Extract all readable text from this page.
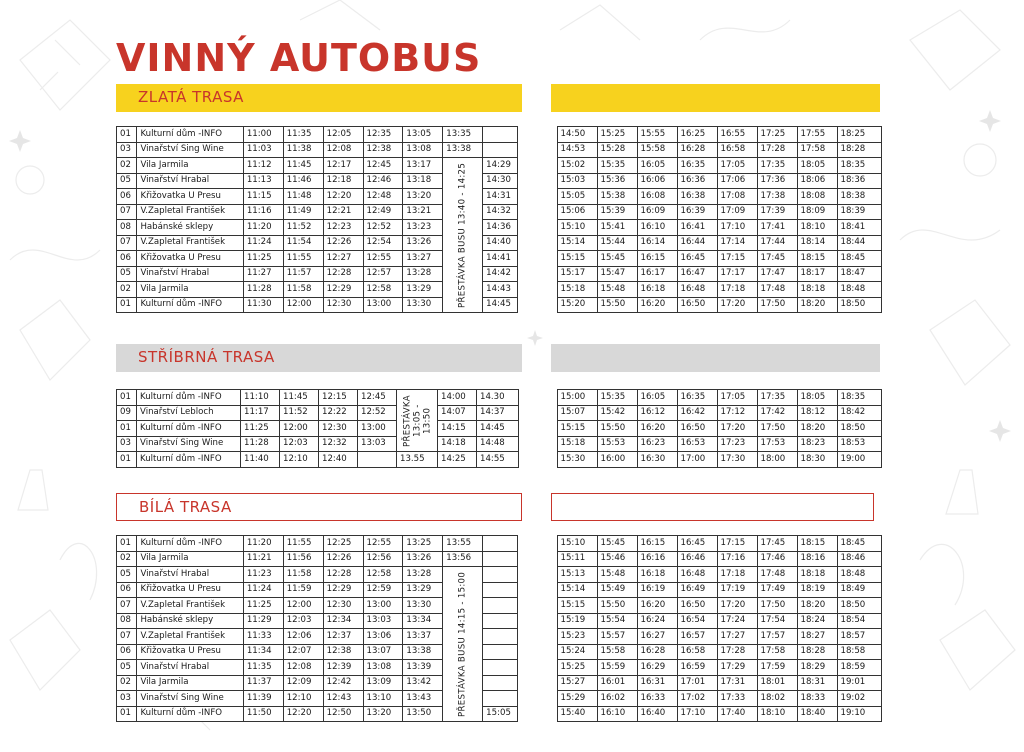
VINNÝ AUTOBUS
ZLATÁ TRASA
01	Kulturní dům -INFO	11:00	11:35	12:05	12:35	13:05	13:35	
03	Vinařství Sing Wine	11:03	11:38	12:08	12:38	13:08	13:38	
02	Vila Jarmila	11:12	11:45	12:17	12:45	13:17	PŘESTÁVKA BUSU 13:40 - 14:25	14:29
05	Vinařství Hrabal	11:13	11:46	12:18	12:46	13:18		14:30
06	Křižovatka U Presu	11:15	11:48	12:20	12:48	13:20		14:31
07	V.Zapletal František	11:16	11:49	12:21	12:49	13:21		14:32
08	Habánské sklepy	11:20	11:52	12:23	12:52	13:23		14:36
07	V.Zapletal František	11:24	11:54	12:26	12:54	13:26		14:40
06	Křižovatka U Presu	11:25	11:55	12:27	12:55	13:27		14:41
05	Vinařství Hrabal	11:27	11:57	12:28	12:57	13:28		14:42
02	Vila Jarmila	11:28	11:58	12:29	12:58	13:29		14:43
01	Kulturní dům -INFO	11:30	12:00	12:30	13:00	13:30		14:45
	14:50	15:25	15:55	16:25	16:55	17:25	17:55	18:25
	14:53	15:28	15:58	16:28	16:58	17:28	17:58	18:28
	15:02	15:35	16:05	16:35	17:05	17:35	18:05	18:35
	15:03	15:36	16:06	16:36	17:06	17:36	18:06	18:36
	15:05	15:38	16:08	16:38	17:08	17:38	18:08	18:38
	15:06	15:39	16:09	16:39	17:09	17:39	18:09	18:39
	15:10	15:41	16:10	16:41	17:10	17:41	18:10	18:41
	15:14	15:44	16:14	16:44	17:14	17:44	18:14	18:44
	15:15	15:45	16:15	16:45	17:15	17:45	18:15	18:45
	15:17	15:47	16:17	16:47	17:17	17:47	18:17	18:47
	15:18	15:48	16:18	16:48	17:18	17:48	18:18	18:48
	15:20	15:50	16:20	16:50	17:20	17:50	18:20	18:50
STŘÍBRNÁ TRASA
01	Kulturní dům -INFO	11:10	11:45	12:15	12:45	PŘESTÁVKA 13:05 - 13:50	14:00	14.30
09	Vinařství Lebloch	11:17	11:52	12:22	12:52		14:07	14:37
01	Kulturní dům -INFO	11:25	12:00	12:30	13:00		14:15	14:45
03	Vinařství Sing Wine	11:28	12:03	12:32	13:03		14:18	14:48
01	Kulturní dům -INFO	11:40	12:10	12:40		13.55	14:25	14:55
	15:00	15:35	16:05	16:35	17:05	17:35	18:05	18:35
	15:07	15:42	16:12	16:42	17:12	17:42	18:12	18:42
	15:15	15:50	16:20	16:50	17:20	17:50	18:20	18:50
	15:18	15:53	16:23	16:53	17:23	17:53	18:23	18:53
	15:30	16:00	16:30	17:00	17:30	18:00	18:30	19:00
BÍLÁ TRASA
01	Kulturní dům -INFO	11:20	11:55	12:25	12:55	13:25	13:55	
02	Vila Jarmila	11:21	11:56	12:26	12:56	13:26	13:56	
05	Vinařství Hrabal	11:23	11:58	12:28	12:58	13:28	PŘESTÁVKA BUSU 14:15 - 15:00	
06	Křižovatka U Presu	11:24	11:59	12:29	12:59	13:29		
07	V.Zapletal František	11:25	12:00	12:30	13:00	13:30		
08	Habánské sklepy	11:29	12:03	12:34	13:03	13:34		
07	V.Zapletal František	11:33	12:06	12:37	13:06	13:37		
06	Křižovatka U Presu	11:34	12:07	12:38	13:07	13:38		
05	Vinařství Hrabal	11:35	12:08	12:39	13:08	13:39		
02	Vila Jarmila	11:37	12:09	12:42	13:09	13:42		
03	Vinařství Sing Wine	11:39	12:10	12:43	13:10	13:43		
01	Kulturní dům -INFO	11:50	12:20	12:50	13:20	13:50		15:05
	15:10	15:45	16:15	16:45	17:15	17:45	18:15	18:45
	15:11	15:46	16:16	16:46	17:16	17:46	18:16	18:46
	15:13	15:48	16:18	16:48	17:18	17:48	18:18	18:48
	15:14	15:49	16:19	16:49	17:19	17:49	18:19	18:49
	15:15	15:50	16:20	16:50	17:20	17:50	18:20	18:50
	15:19	15:54	16:24	16:54	17:24	17:54	18:24	18:54
	15:23	15:57	16:27	16:57	17:27	17:57	18:27	18:57
	15:24	15:58	16:28	16:58	17:28	17:58	18:28	18:58
	15:25	15:59	16:29	16:59	17:29	17:59	18:29	18:59
	15:27	16:01	16:31	17:01	17:31	18:01	18:31	19:01
	15:29	16:02	16:33	17:02	17:33	18:02	18:33	19:02
	15:40	16:10	16:40	17:10	17:40	18:10	18:40	19:10
